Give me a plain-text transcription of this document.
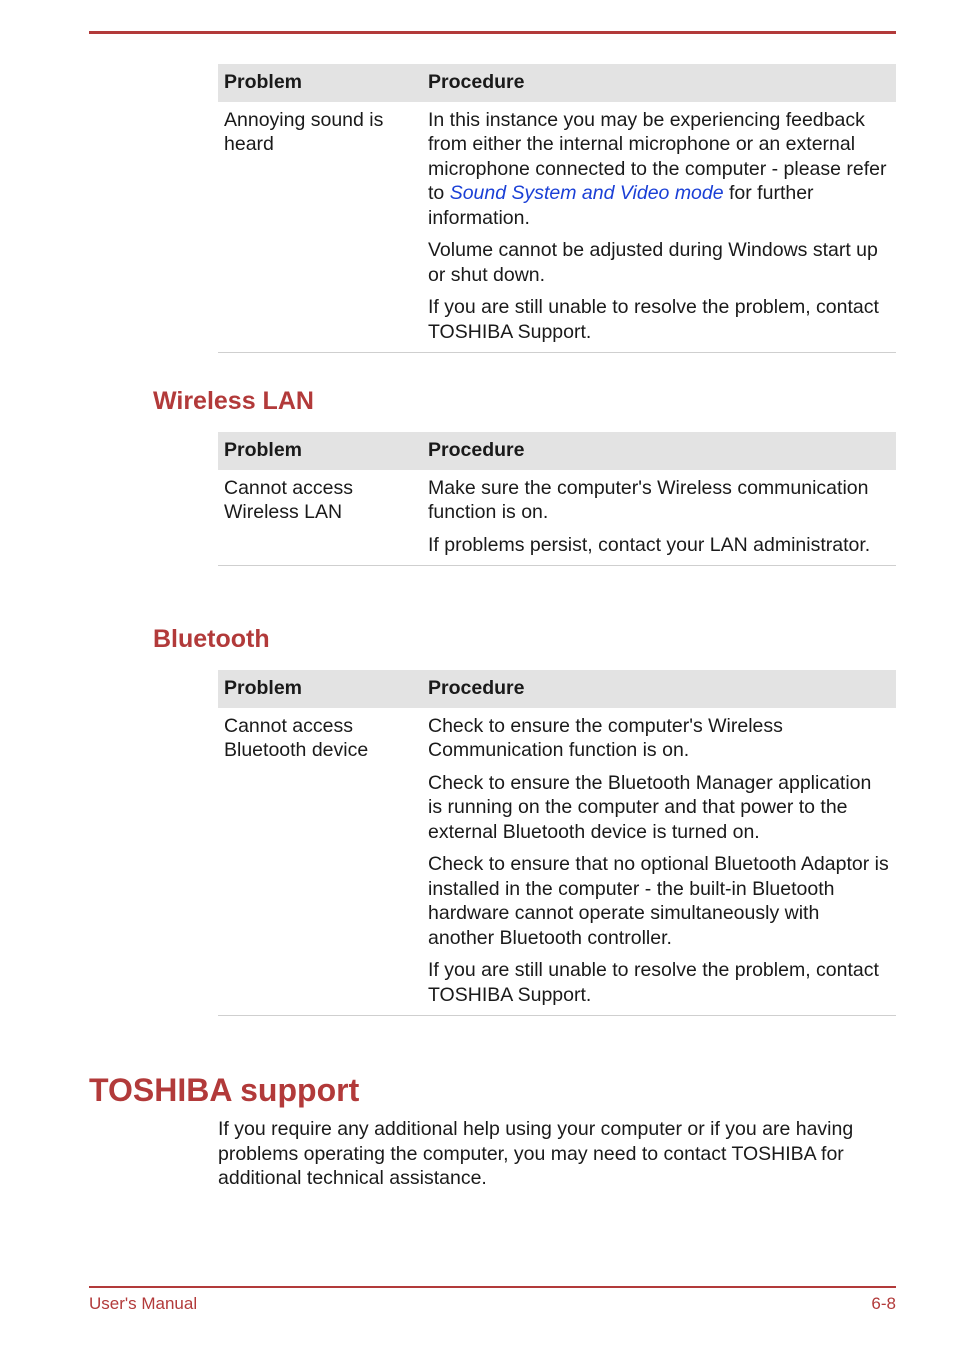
Problem	Procedure
Annoying sound is heard	In this instance you may be experiencing feedback from either the internal microphone or an external microphone connected to the computer - please refer to Sound System and Video mode for further information.

Volume cannot be adjusted during Windows start up or shut down.

If you are still unable to resolve the problem, contact TOSHIBA Support.

Wireless LAN
Problem	Procedure
Cannot access Wireless LAN	Make sure the computer's Wireless communication function is on.

If problems persist, contact your LAN administrator.

Bluetooth
Problem	Procedure
Cannot access Bluetooth device	Check to ensure the computer's Wireless Communication function is on.

Check to ensure the Bluetooth Manager application is running on the computer and that power to the external Bluetooth device is turned on.

Check to ensure that no optional Bluetooth Adaptor is installed in the computer - the built-in Bluetooth hardware cannot operate simultaneously with another Bluetooth controller.

If you are still unable to resolve the problem, contact TOSHIBA Support.

TOSHIBA support

If you require any additional help using your computer or if you are having problems operating the computer, you may need to contact TOSHIBA for additional technical assistance.

User's Manual	6-8
